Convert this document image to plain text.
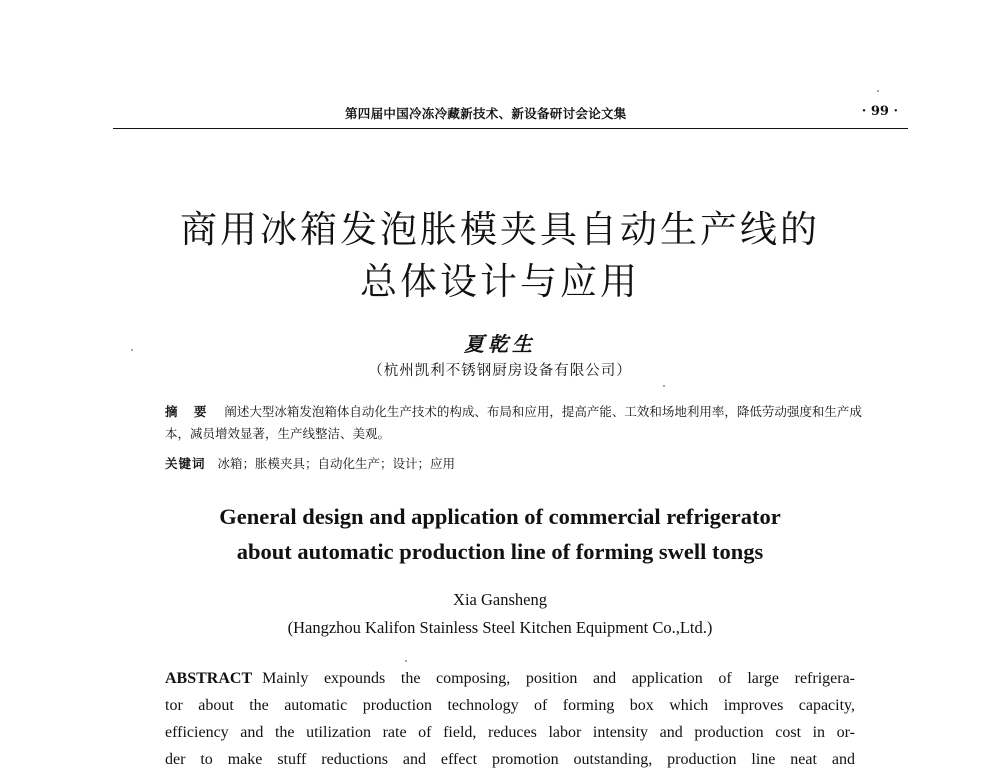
第四届中国冷冻冷藏新技术、新设备研讨会论文集	· 99 ·
商用冰箱发泡胀模夹具自动生产线的
总体设计与应用
夏乾生
（杭州凯利不锈钢厨房设备有限公司）
摘 要 阐述大型冰箱发泡箱体自动化生产技术的构成、布局和应用，提高产能、工效和场地利用率，降低劳动强度和生产成本，减员增效显著，生产线整洁、美观。
关键词 冰箱；胀模夹具；自动化生产；设计；应用
General design and application of commercial refrigerator
about automatic production line of forming swell tongs
Xia Gansheng
(Hangzhou Kalifon Stainless Steel Kitchen Equipment Co.,Ltd.)
ABSTRACT Mainly expounds the composing, position and application of large refrigera-
tor about the automatic production technology of forming box which improves capacity,
efficiency and the utilization rate of field, reduces labor intensity and production cost in or-
der to make stuff reductions and effect promotion outstanding, production line neat and
